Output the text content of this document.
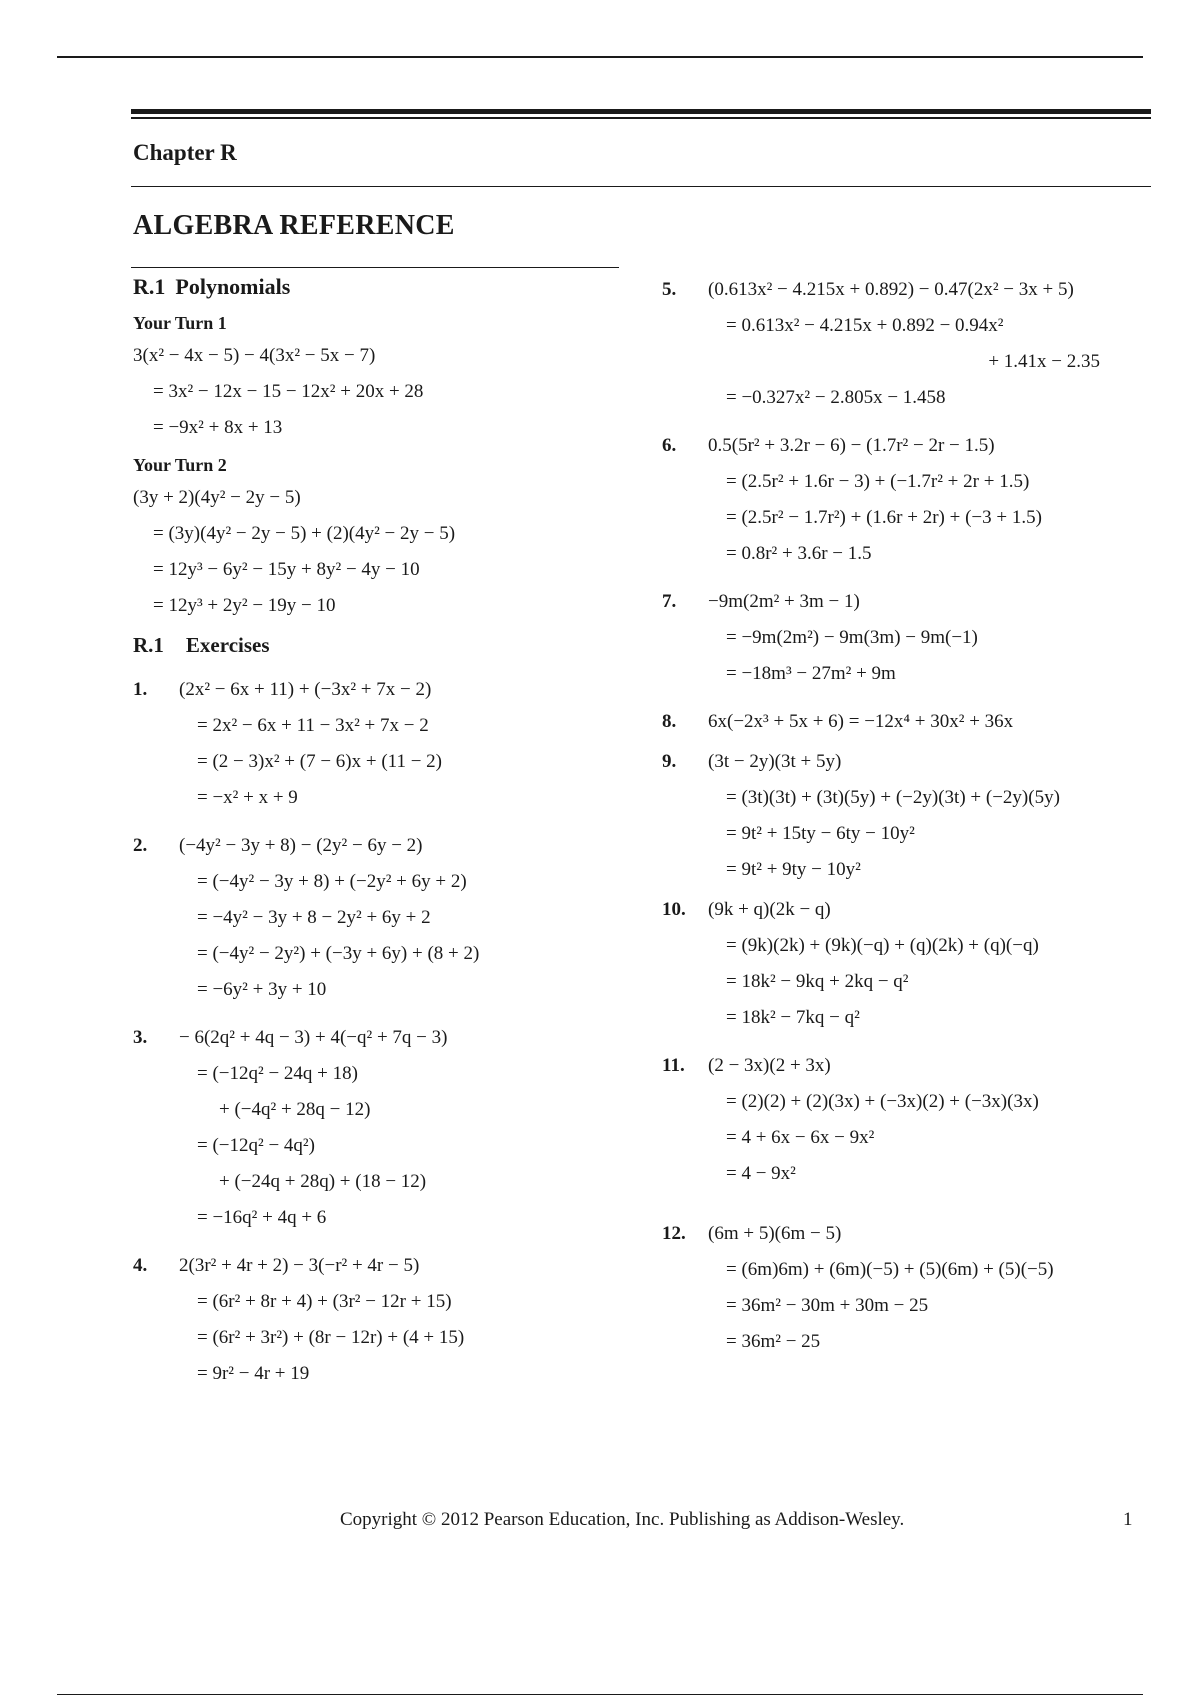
Chapter R
ALGEBRA REFERENCE
R.1 Polynomials
Your Turn 1
3(x² − 4x − 5) − 4(3x² − 5x − 7)
= 3x² − 12x − 15 − 12x² + 20x + 28
= −9x² + 8x + 13
Your Turn 2
(3y + 2)(4y² − 2y − 5)
= (3y)(4y² − 2y − 5) + (2)(4y² − 2y − 5)
= 12y³ − 6y² − 15y + 8y² − 4y − 10
= 12y³ + 2y² − 19y − 10
R.1 Exercises
1.	(2x² − 6x + 11) + (−3x² + 7x − 2)
= 2x² − 6x + 11 − 3x² + 7x − 2
= (2 − 3)x² + (7 − 6)x + (11 − 2)
= −x² + x + 9
2.	(−4y² − 3y + 8) − (2y² − 6y − 2)
= (−4y² − 3y + 8) + (−2y² + 6y + 2)
= −4y² − 3y + 8 − 2y² + 6y + 2
= (−4y² − 2y²) + (−3y + 6y) + (8 + 2)
= −6y² + 3y + 10
3.	− 6(2q² + 4q − 3) + 4(−q² + 7q − 3)
= (−12q² − 24q + 18)
+ (−4q² + 28q − 12)
= (−12q² − 4q²)
+ (−24q + 28q) + (18 − 12)
= −16q² + 4q + 6
4.	2(3r² + 4r + 2) − 3(−r² + 4r − 5)
= (6r² + 8r + 4) + (3r² − 12r + 15)
= (6r² + 3r²) + (8r − 12r) + (4 + 15)
= 9r² − 4r + 19
5.	(0.613x² − 4.215x + 0.892) − 0.47(2x² − 3x + 5)
= 0.613x² − 4.215x + 0.892 − 0.94x²
+ 1.41x − 2.35
= −0.327x² − 2.805x − 1.458
6.	0.5(5r² + 3.2r − 6) − (1.7r² − 2r − 1.5)
= (2.5r² + 1.6r − 3) + (−1.7r² + 2r + 1.5)
= (2.5r² − 1.7r²) + (1.6r + 2r) + (−3 + 1.5)
= 0.8r² + 3.6r − 1.5
7.	−9m(2m² + 3m − 1)
= −9m(2m²) − 9m(3m) − 9m(−1)
= −18m³ − 27m² + 9m
8.	6x(−2x³ + 5x + 6) = −12x⁴ + 30x² + 36x
9.	(3t − 2y)(3t + 5y)
= (3t)(3t) + (3t)(5y) + (−2y)(3t) + (−2y)(5y)
= 9t² + 15ty − 6ty − 10y²
= 9t² + 9ty − 10y²
10.	(9k + q)(2k − q)
= (9k)(2k) + (9k)(−q) + (q)(2k) + (q)(−q)
= 18k² − 9kq + 2kq − q²
= 18k² − 7kq − q²
11.	(2 − 3x)(2 + 3x)
= (2)(2) + (2)(3x) + (−3x)(2) + (−3x)(3x)
= 4 + 6x − 6x − 9x²
= 4 − 9x²
12.	(6m + 5)(6m − 5)
= (6m)6m) + (6m)(−5) + (5)(6m) + (5)(−5)
= 36m² − 30m + 30m − 25
= 36m² − 25
Copyright © 2012 Pearson Education, Inc. Publishing as Addison-Wesley.	1
